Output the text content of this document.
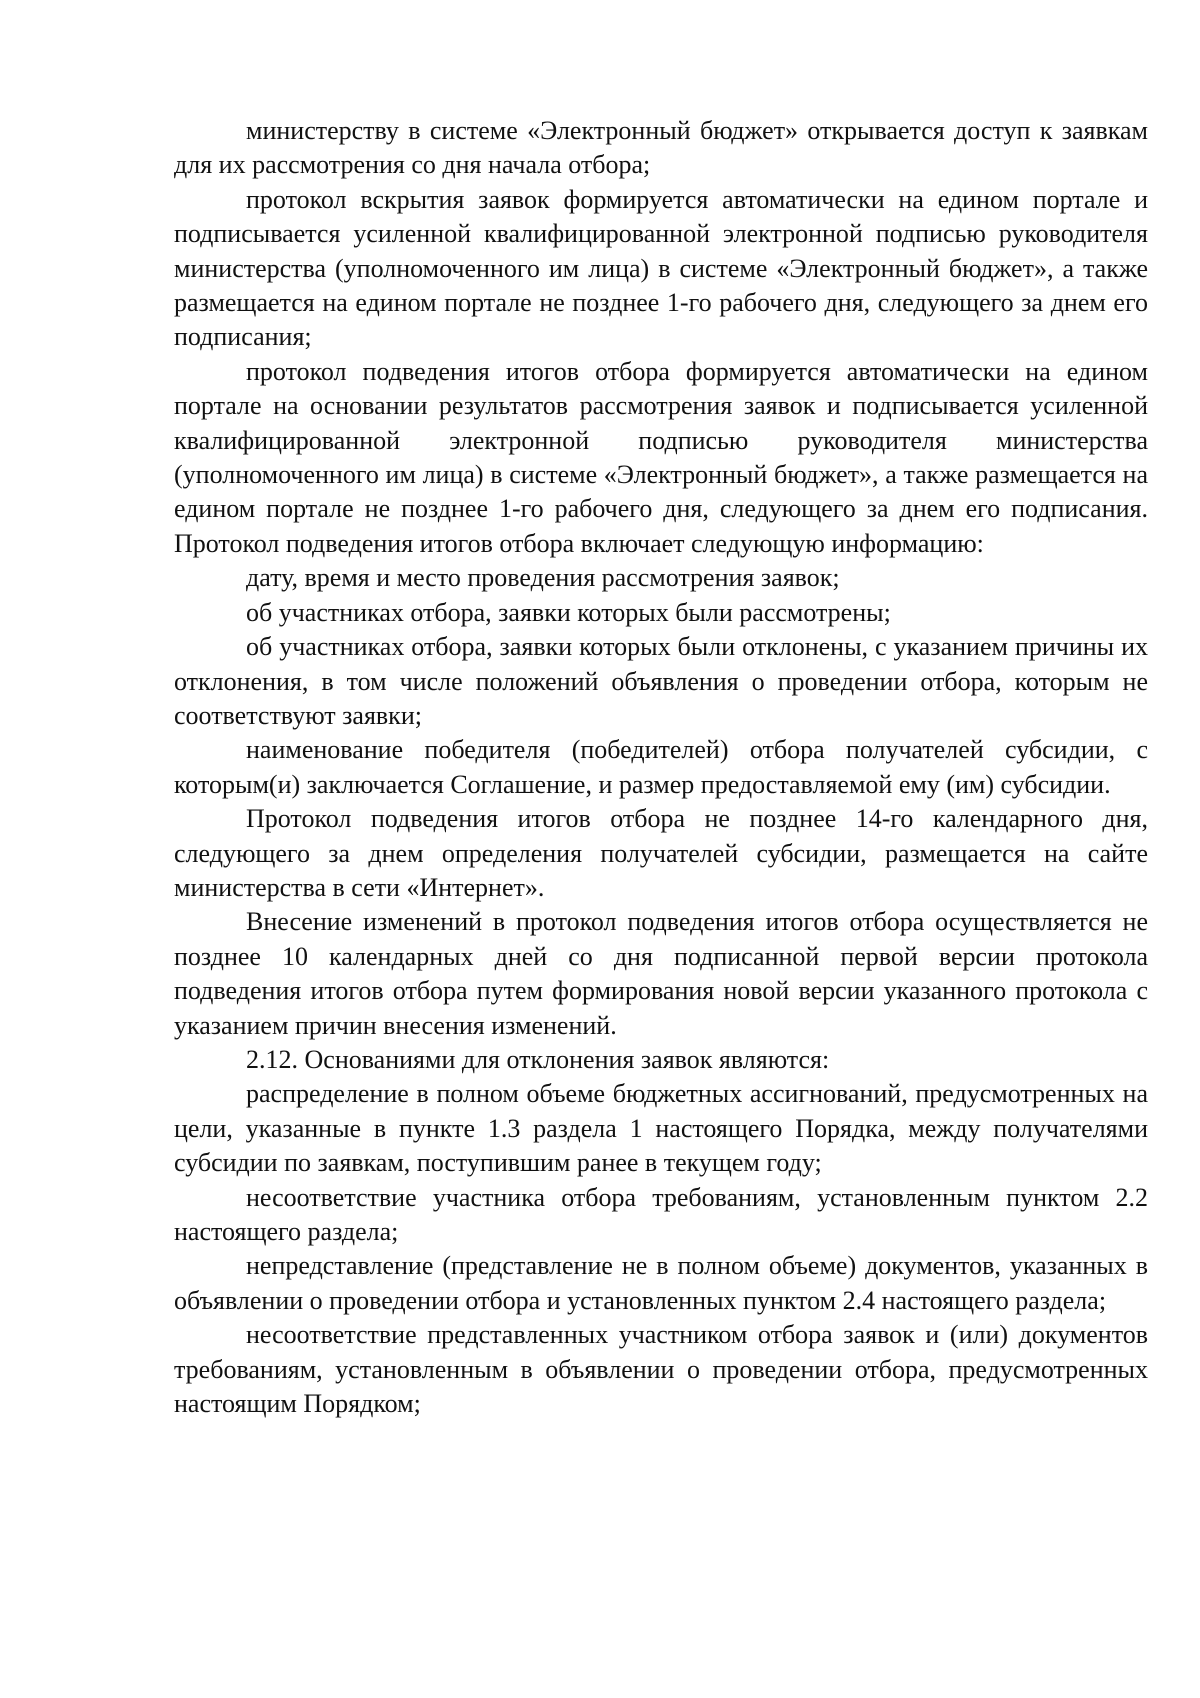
министерству в системе «Электронный бюджет» открывается доступ к заявкам для их рассмотрения со дня начала отбора;

протокол вскрытия заявок формируется автоматически на едином портале и подписывается усиленной квалифицированной электронной подписью руководителя министерства (уполномоченного им лица) в системе «Электронный бюджет», а также размещается на едином портале не позднее 1-го рабочего дня, следующего за днем его подписания;

протокол подведения итогов отбора формируется автоматически на едином портале на основании результатов рассмотрения заявок и подписывается усиленной квалифицированной электронной подписью руководителя министерства (уполномоченного им лица) в системе «Электронный бюджет», а также размещается на едином портале не позднее 1-го рабочего дня, следующего за днем его подписания. Протокол подведения итогов отбора включает следующую информацию:

дату, время и место проведения рассмотрения заявок;

об участниках отбора, заявки которых были рассмотрены;

об участниках отбора, заявки которых были отклонены, с указанием причины их отклонения, в том числе положений объявления о проведении отбора, которым не соответствуют заявки;

наименование победителя (победителей) отбора получателей субсидии, с которым(и) заключается Соглашение, и размер предоставляемой ему (им) субсидии.

Протокол подведения итогов отбора не позднее 14-го календарного дня, следующего за днем определения получателей субсидии, размещается на сайте министерства в сети «Интернет».

Внесение изменений в протокол подведения итогов отбора осуществляется не позднее 10 календарных дней со дня подписанной первой версии протокола подведения итогов отбора путем формирования новой версии указанного протокола с указанием причин внесения изменений.

2.12. Основаниями для отклонения заявок являются:

распределение в полном объеме бюджетных ассигнований, предусмотренных на цели, указанные в пункте 1.3 раздела 1 настоящего Порядка, между получателями субсидии по заявкам, поступившим ранее в текущем году;

несоответствие участника отбора требованиям, установленным пунктом 2.2 настоящего раздела;

непредставление (представление не в полном объеме) документов, указанных в объявлении о проведении отбора и установленных пунктом 2.4 настоящего раздела;

несоответствие представленных участником отбора заявок и (или) документов требованиям, установленным в объявлении о проведении отбора, предусмотренных настоящим Порядком;
